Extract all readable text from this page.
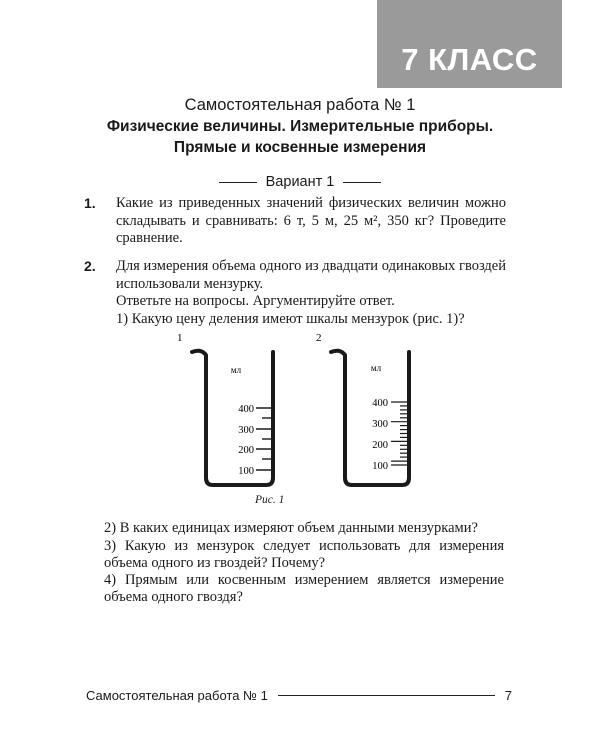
7 КЛАСС
Самостоятельная работа № 1
Физические величины. Измерительные приборы.
Прямые и косвенные измерения
Вариант 1
1. Какие из приведенных значений физических величин можно складывать и сравнивать: 6 т, 5 м, 25 м², 350 кг? Проведите сравнение.
2. Для измерения объема одного из двадцати одинаковых гвоздей использовали мензурку.
Ответьте на вопросы. Аргументируйте ответ.
1) Какую цену деления имеют шкалы мензурок (рис. 1)?
1
мл
400
300
200
100
2
мл
400
300
200
100
Рис. 1
2) В каких единицах измеряют объем данными мензурками?
3) Какую из мензурок следует использовать для измерения объема одного из гвоздей? Почему?
4) Прямым или косвенным измерением является измерение объема одного гвоздя?
Самостоятельная работа № 1	7
